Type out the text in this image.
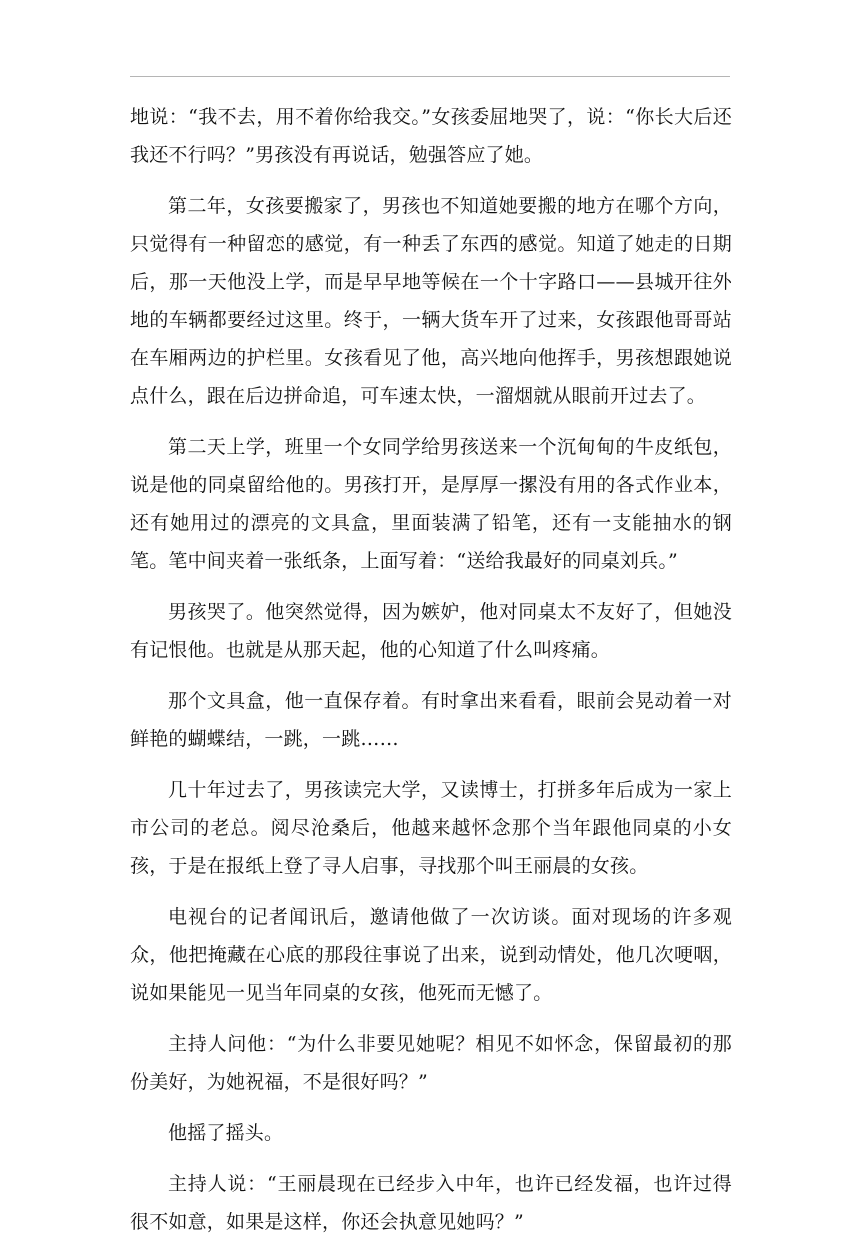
地说：“我不去，用不着你给我交。”女孩委屈地哭了，说：“你长大后还我还不行吗？”男孩没有再说话，勉强答应了她。

第二年，女孩要搬家了，男孩也不知道她要搬的地方在哪个方向，只觉得有一种留恋的感觉，有一种丢了东西的感觉。知道了她走的日期后，那一天他没上学，而是早早地等候在一个十字路口——县城开往外地的车辆都要经过这里。终于，一辆大货车开了过来，女孩跟他哥哥站在车厢两边的护栏里。女孩看见了他，高兴地向他挥手，男孩想跟她说点什么，跟在后边拼命追，可车速太快，一溜烟就从眼前开过去了。

第二天上学，班里一个女同学给男孩送来一个沉甸甸的牛皮纸包，说是他的同桌留给他的。男孩打开，是厚厚一摞没有用的各式作业本，还有她用过的漂亮的文具盒，里面装满了铅笔，还有一支能抽水的钢笔。笔中间夹着一张纸条，上面写着：“送给我最好的同桌刘兵。”

男孩哭了。他突然觉得，因为嫉妒，他对同桌太不友好了，但她没有记恨他。也就是从那天起，他的心知道了什么叫疼痛。

那个文具盒，他一直保存着。有时拿出来看看，眼前会晃动着一对鲜艳的蝴蝶结，一跳，一跳……

几十年过去了，男孩读完大学，又读博士，打拼多年后成为一家上市公司的老总。阅尽沧桑后，他越来越怀念那个当年跟他同桌的小女孩，于是在报纸上登了寻人启事，寻找那个叫王丽晨的女孩。

电视台的记者闻讯后，邀请他做了一次访谈。面对现场的许多观众，他把掩藏在心底的那段往事说了出来，说到动情处，他几次哽咽，说如果能见一见当年同桌的女孩，他死而无憾了。

主持人问他：“为什么非要见她呢？相见不如怀念，保留最初的那份美好，为她祝福，不是很好吗？”

他摇了摇头。

主持人说：“王丽晨现在已经步入中年，也许已经发福，也许过得很不如意，如果是这样，你还会执意见她吗？”
